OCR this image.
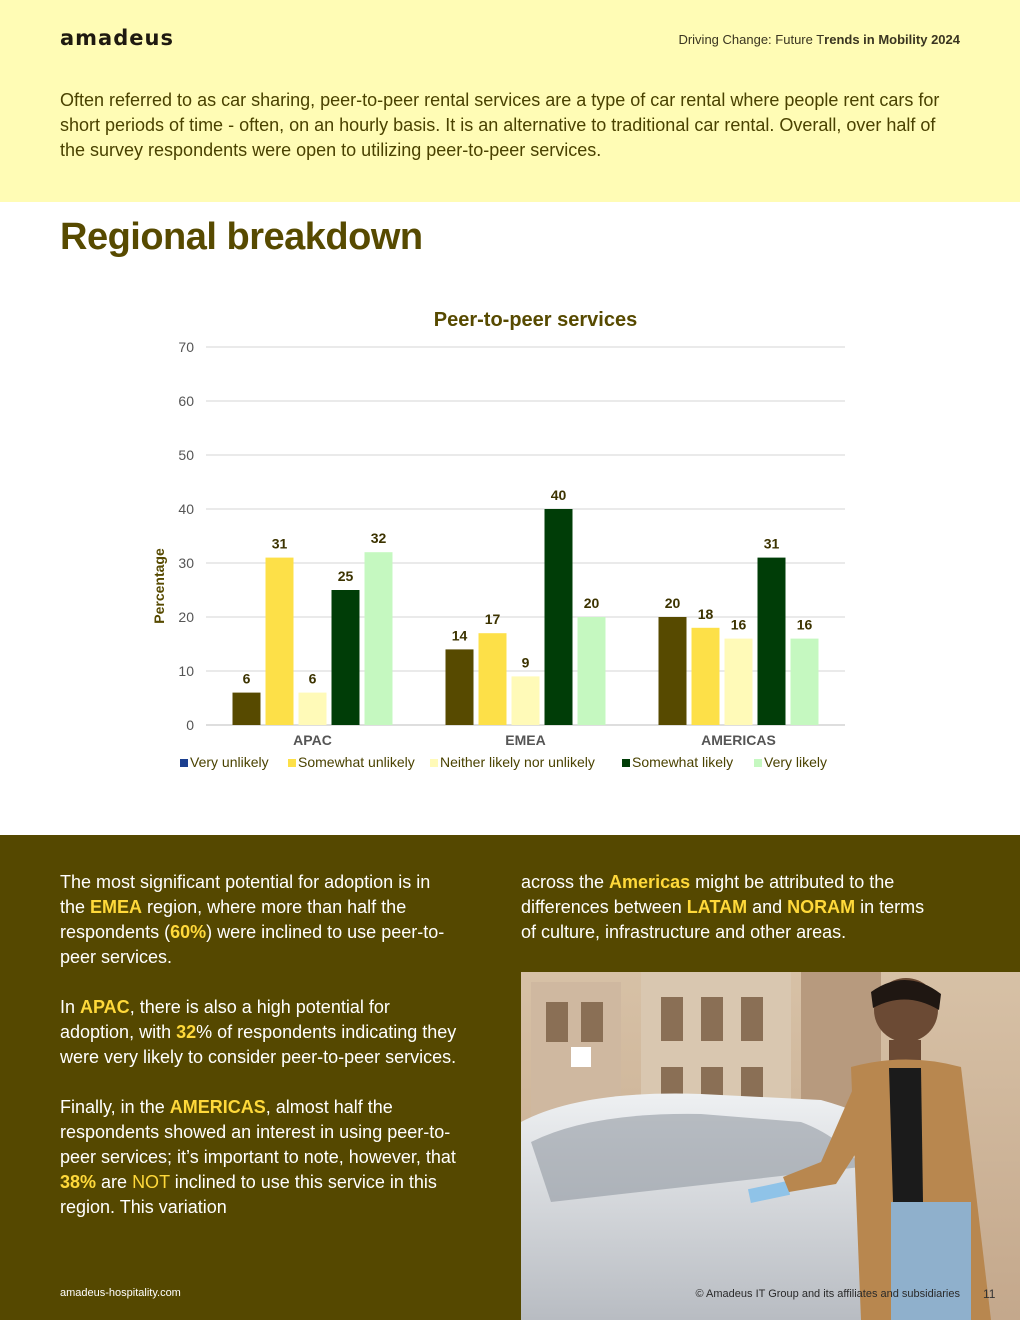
amadeus	Driving Change: Future Trends in Mobility 2024

Often referred to as car sharing, peer-to-peer rental services are a type of car rental where people rent cars for short periods of time - often, on an hourly basis. It is an alternative to traditional car rental. Overall, over half of the survey respondents were open to utilizing peer-to-peer services.

Regional breakdown
Peer-to-peer services
0
10
20
30
40
50
60
70
Percentage
6
31
6
25
32
APAC
14
17
9
40
20
EMEA
20
18
16
31
16
AMERICAS
Very unlikely Somewhat unlikely Neither likely nor unlikely	Somewhat likely Very likely

The most significant potential for adoption is in the EMEA region, where more than half the respondents (60%) were inclined to use peer-to-peer services.

In APAC, there is also a high potential for adoption, with 32% of respondents indicating they were very likely to consider peer-to-peer services.

Finally, in the AMERICAS, almost half the respondents showed an interest in using peer-to-peer services; it’s important to note, however, that 38% are NOT inclined to use this service in this region. This variation

across the Americas might be attributed to the differences between LATAM and NORAM in terms of culture, infrastructure and other areas.

amadeus-hospitality.com	© Amadeus IT Group and its affiliates and subsidiaries 11
